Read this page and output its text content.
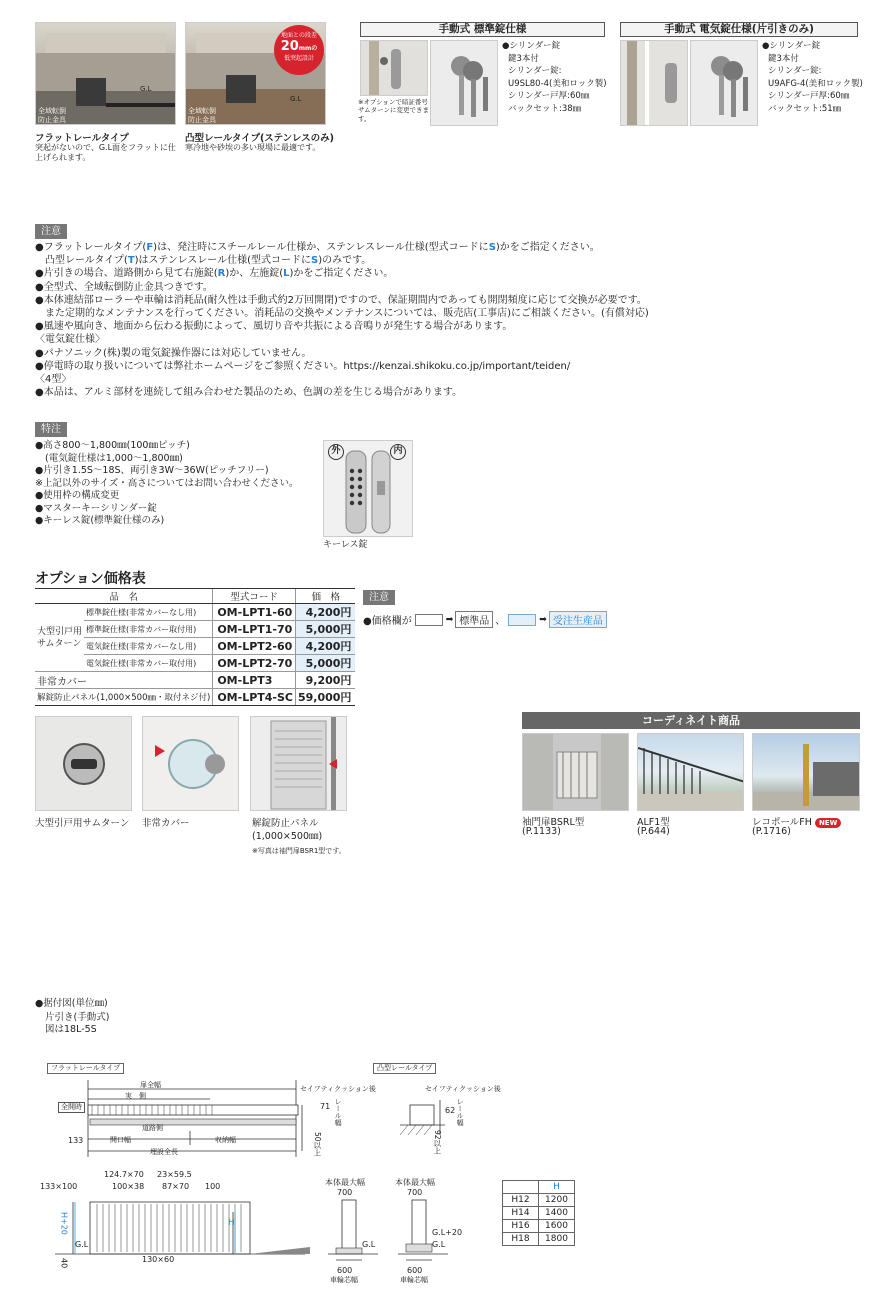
G.L
全域転倒
防止金具
フラットレールタイプ
突起がないので、G.L面をフラットに仕上げられます。
地面との段差
20mmの
低突起設計
G.L
全域転倒
防止金具
凸型レールタイプ(ステンレスのみ)
寒冷地や砂埃の多い現場に最適です。
手動式 標準錠仕様
※オプションで暗証番号サムターンに変更できます。
●シリンダー錠
鍵3本付
シリンダー錠:
U9SL80-4(美和ロック製)
シリンダー戸厚:60㎜
バックセット:38㎜
手動式 電気錠仕様(片引きのみ)
●シリンダー錠
鍵3本付
シリンダー錠:
U9AFG-4(美和ロック製)
シリンダー戸厚:60㎜
バックセット:51㎜
注意
●フラットレールタイプ(F)は、発注時にスチールレール仕様か、ステンレスレール仕様(型式コードにS)かをご指定ください。
凸型レールタイプ(T)はステンレスレール仕様(型式コードにS)のみです。
●片引きの場合、道路側から見て右施錠(R)か、左施錠(L)かをご指定ください。
●全型式、全域転倒防止金具つきです。
●本体連結部ローラーや車輪は消耗品(耐久性は手動式約2万回開閉)ですので、保証期間内であっても開閉頻度に応じて交換が必要です。
また定期的なメンテナンスを行ってください。消耗品の交換やメンテナンスについては、販売店(工事店)にご相談ください。(有償対応)
●風速や風向き、地面から伝わる振動によって、風切り音や共振による音鳴りが発生する場合があります。
〈電気錠仕様〉
●パナソニック(株)製の電気錠操作器には対応していません。
●停電時の取り扱いについては弊社ホームページをご参照ください。https://kenzai.shikoku.co.jp/important/teiden/
〈4型〉
●本品は、アルミ部材を連続して組み合わせた製品のため、色調の差を生じる場合があります。
特注
●高さ800～1,800㎜(100㎜ピッチ)
(電気錠仕様は1,000～1,800㎜)
●片引き1.5S～18S、両引き3W～36W(ピッチフリー)
※上記以外のサイズ・高さについてはお問い合わせください。
●使用枠の構成変更
●マスターキーシリンダー錠
●キーレス錠(標準錠仕様のみ)
外	内
キーレス錠
オプション価格表
品　名		型式コード	価　格

大型引戸用
サムターン	標準錠仕様(非常カバーなし用)	OM-LPT1-60	4,200円
	標準錠仕様(非常カバー取付用)	OM-LPT1-70	5,000円
	電気錠仕様(非常カバーなし用)	OM-LPT2-60	4,200円
	電気錠仕様(非常カバー取付用)	OM-LPT2-70	5,000円
非常カバー		OM-LPT3	9,200円
解錠防止パネル(1,000×500㎜・取付ネジ付)		OM-LPT4-SC	59,000円
注意
●価格欄が	➡ 標準品 、	➡ 受注生産品
大型引戸用サムターン 非常カバー	解錠防止パネル
(1,000×500㎜)
※写真は袖門扉BSR1型です。
コーディネイト商品
袖門扉BSRL型
(P.1133)
ALF1型
(P.644)
レコポールFH NEW
(P.1716)
●据付図(単位㎜)
片引き(手動式)
図は18L-5S
フラットレールタイプ	凸型レールタイプ
扉全幅
実　側
全開時
道路側
133	開口幅	収納幅
埋設全長
セイフティクッション後
71 レール幅
50以上
セイフティクッション後
62 レール幅
92以上
133×100
124.7×70
100×38
23×59.5
87×70 100
H+20	H
G.L
40	130×60
本体最大幅
700
G.L
600
車輪芯幅
本体最大幅
700
G.L+20
G.L
600
車輪芯幅
	H
H12	1200
H14	1400
H16	1600
H18	1800
